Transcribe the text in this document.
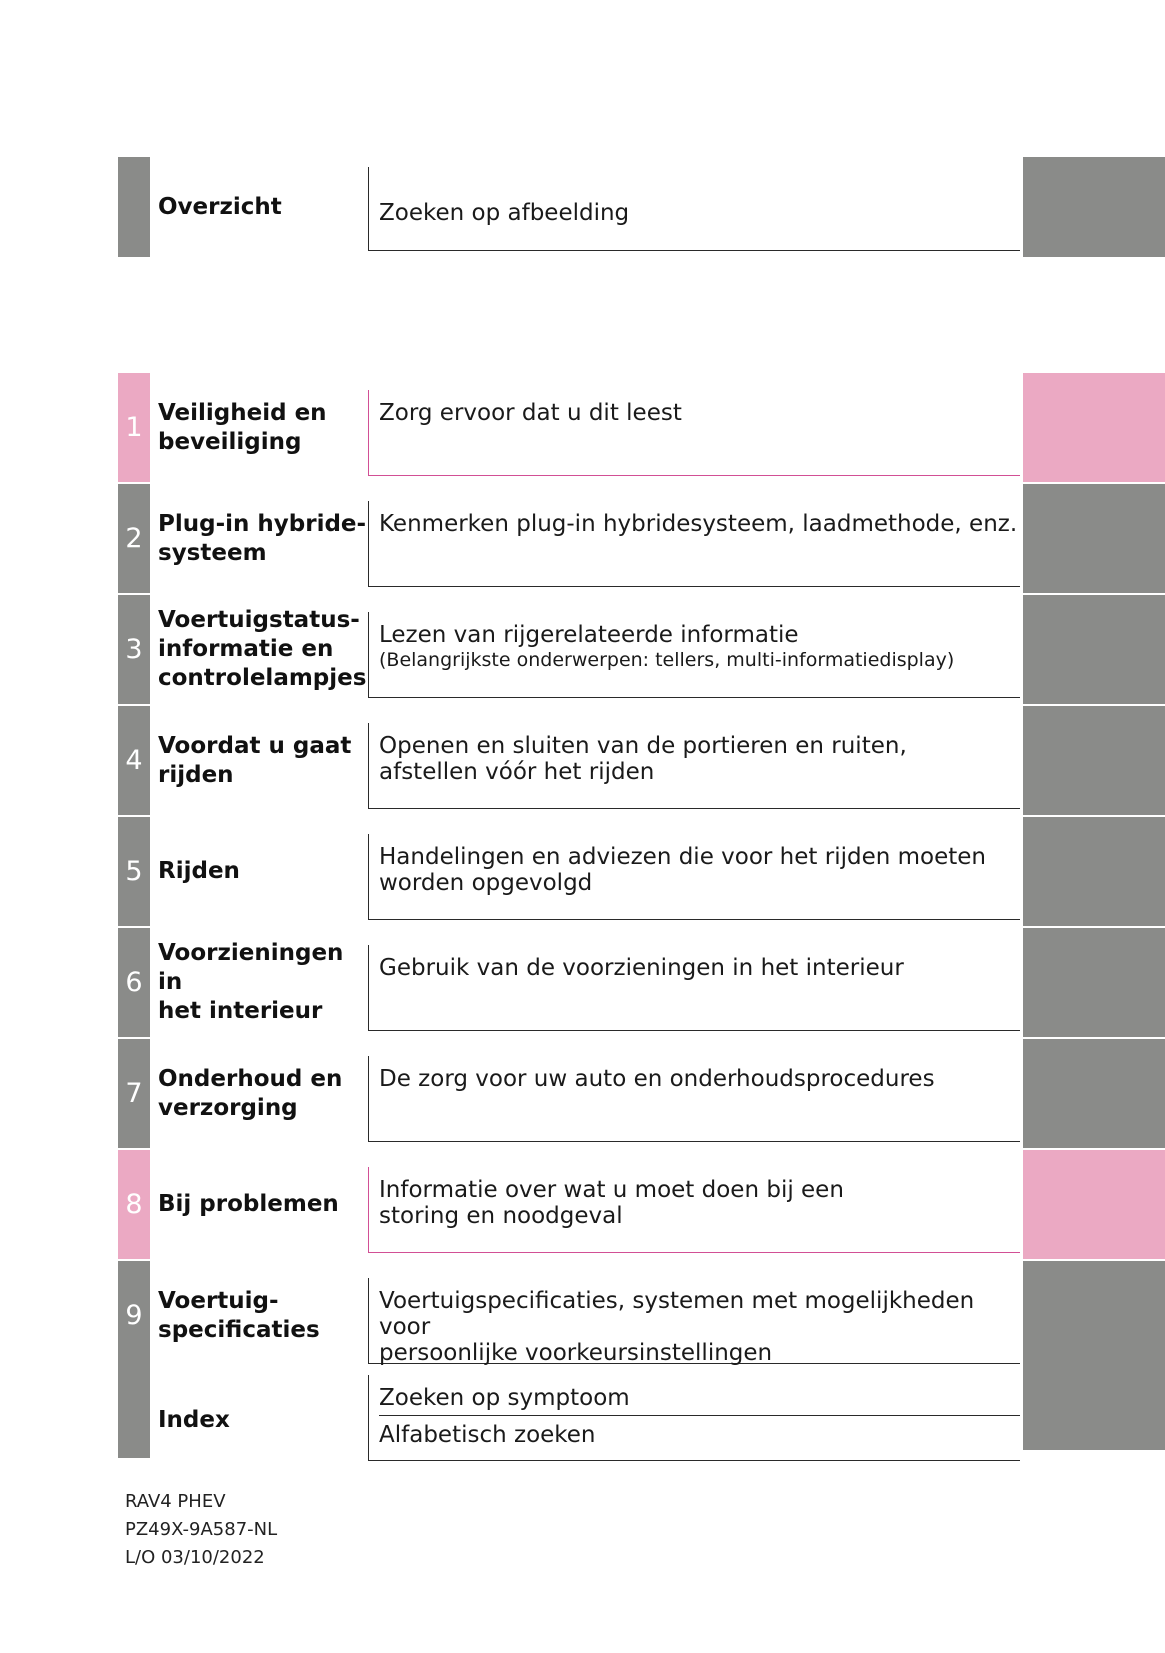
Overzicht	Zoeken op afbeelding
1 Veiligheid en
beveiliging
Zorg ervoor dat u dit leest
2 Plug-in hybride-
systeem
Kenmerken plug-in hybridesysteem, laadmethode, enz.
3
Voertuigstatus-
informatie en
controlelampjes
Lezen van rijgerelateerde informatie
(Belangrijkste onderwerpen: tellers, multi-informatiedisplay)
4 Voordat u gaat
rijden
Openen en sluiten van de portieren en ruiten,
afstellen vóór het rijden
5 Rijden
Handelingen en adviezen die voor het rijden moeten
worden opgevolgd
6
Voorzieningen in
het interieur
Gebruik van de voorzieningen in het interieur
7 Onderhoud en
verzorging
De zorg voor uw auto en onderhoudsprocedures
8 Bij problemen
Informatie over wat u moet doen bij een
storing en noodgeval
9 Voertuig-
specificaties
Voertuigspecificaties, systemen met mogelijkheden voor
persoonlijke voorkeursinstellingen
Index
Zoeken op symptoom
Alfabetisch zoeken
RAV4 PHEV
PZ49X-9A587-NL
L/O 03/10/2022
